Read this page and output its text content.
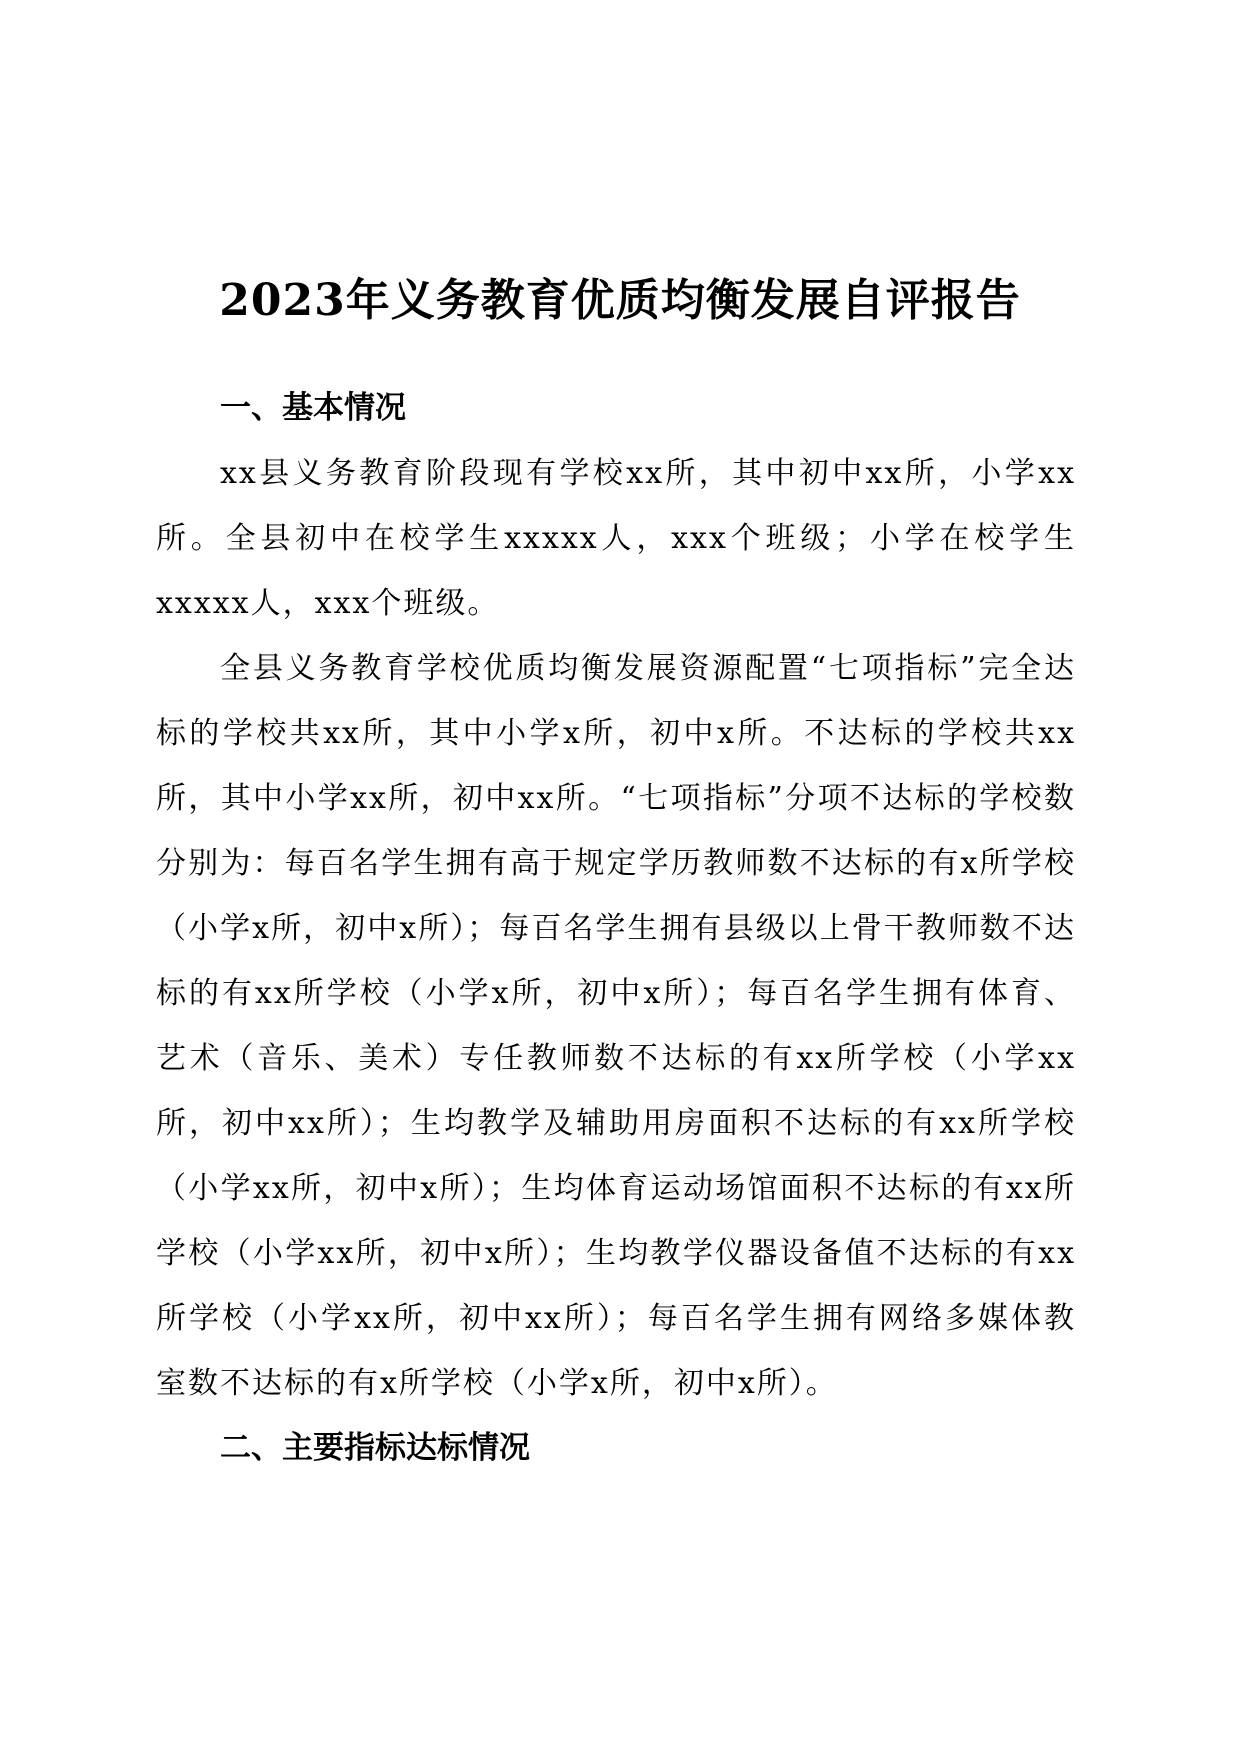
2023年义务教育优质均衡发展自评报告
一、基本情况

xx县义务教育阶段现有学校xx所，其中初中xx所，小学xx所。全县初中在校学生xxxxx人，xxx个班级；小学在校学生xxxxx人，xxx个班级。

全县义务教育学校优质均衡发展资源配置“七项指标”完全达标的学校共xx所，其中小学x所，初中x所。不达标的学校共xx所，其中小学xx所，初中xx所。“七项指标”分项不达标的学校数分别为：每百名学生拥有高于规定学历教师数不达标的有x所学校（小学x所，初中x所）；每百名学生拥有县级以上骨干教师数不达标的有xx所学校（小学x所，初中x所）；每百名学生拥有体育、艺术（音乐、美术）专任教师数不达标的有xx所学校（小学xx所，初中xx所）；生均教学及辅助用房面积不达标的有xx所学校（小学xx所，初中x所）；生均体育运动场馆面积不达标的有xx所学校（小学xx所，初中x所）；生均教学仪器设备值不达标的有xx所学校（小学xx所，初中xx所）；每百名学生拥有网络多媒体教室数不达标的有x所学校（小学x所，初中x所）。

二、主要指标达标情况
